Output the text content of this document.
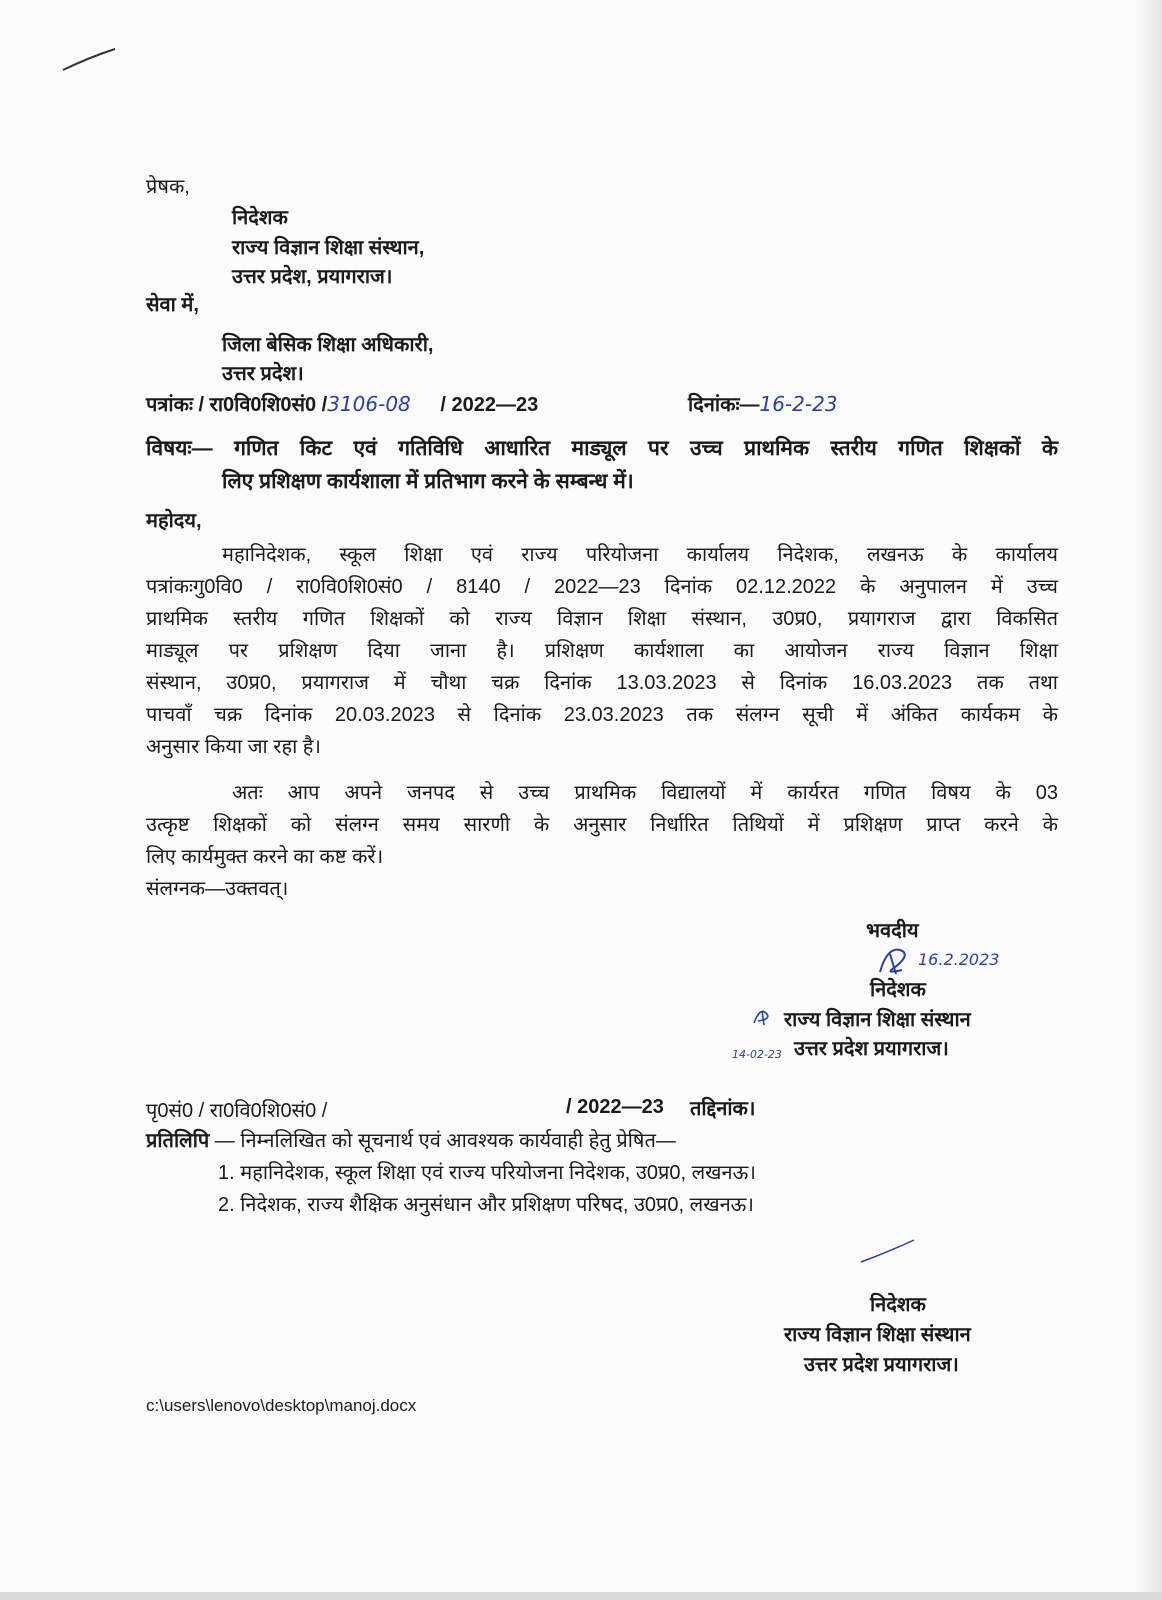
प्रेषक,
निदेशक
राज्य विज्ञान शिक्षा संस्थान,
उत्तर प्रदेश, प्रयागराज।
सेवा में,
जिला बेसिक शिक्षा अधिकारी,
उत्तर प्रदेश।
पत्रांकः / रा0वि0शि0सं0 /3106-08 / 2022—23	दिनांकः—16-2-23
विषयः— गणित किट एवं गतिविधि आधारित माड्यूल पर उच्च प्राथमिक स्तरीय गणित शिक्षकों के
लिए प्रशिक्षण कार्यशाला में प्रतिभाग करने के सम्बन्ध में।
महोदय,
महानिदेशक, स्कूल शिक्षा एवं राज्य परियोजना कार्यालय निदेशक, लखनऊ के कार्यालय
पत्रांकःगु0वि0 / रा0वि0शि0सं0 / 8140 / 2022—23 दिनांक 02.12.2022 के अनुपालन में उच्च
प्राथमिक स्तरीय गणित शिक्षकों को राज्य विज्ञान शिक्षा संस्थान, उ0प्र0, प्रयागराज द्वारा विकसित
माड्यूल पर प्रशिक्षण दिया जाना है। प्रशिक्षण कार्यशाला का आयोजन राज्य विज्ञान शिक्षा
संस्थान, उ0प्र0, प्रयागराज में चौथा चक्र दिनांक 13.03.2023 से दिनांक 16.03.2023 तक तथा
पाचवाँ चक्र दिनांक 20.03.2023 से दिनांक 23.03.2023 तक संलग्न सूची में अंकित कार्यकम के
अनुसार किया जा रहा है।
अतः आप अपने जनपद से उच्च प्राथमिक विद्यालयों में कार्यरत गणित विषय के 03
उत्कृष्ट शिक्षकों को संलग्न समय सारणी के अनुसार निर्धारित तिथियों में प्रशिक्षण प्राप्त करने के
लिए कार्यमुक्त करने का कष्ट करें।
संलग्नक—उक्तवत्।
भवदीय
16.2.2023
निदेशक
राज्य विज्ञान शिक्षा संस्थान
14-02-23 उत्तर प्रदेश प्रयागराज।
पृ0सं0 / रा0वि0शि0सं0 /	/ 2022—23 तद्दिनांक।
प्रतिलिपि — निम्नलिखित को सूचनार्थ एवं आवश्यक कार्यवाही हेतु प्रेषित—
1. महानिदेशक, स्कूल शिक्षा एवं राज्य परियोजना निदेशक, उ0प्र0, लखनऊ।
2. निदेशक, राज्य शैक्षिक अनुसंधान और प्रशिक्षण परिषद, उ0प्र0, लखनऊ।
निदेशक
राज्य विज्ञान शिक्षा संस्थान
उत्तर प्रदेश प्रयागराज।
c:\users\lenovo\desktop\manoj.docx
